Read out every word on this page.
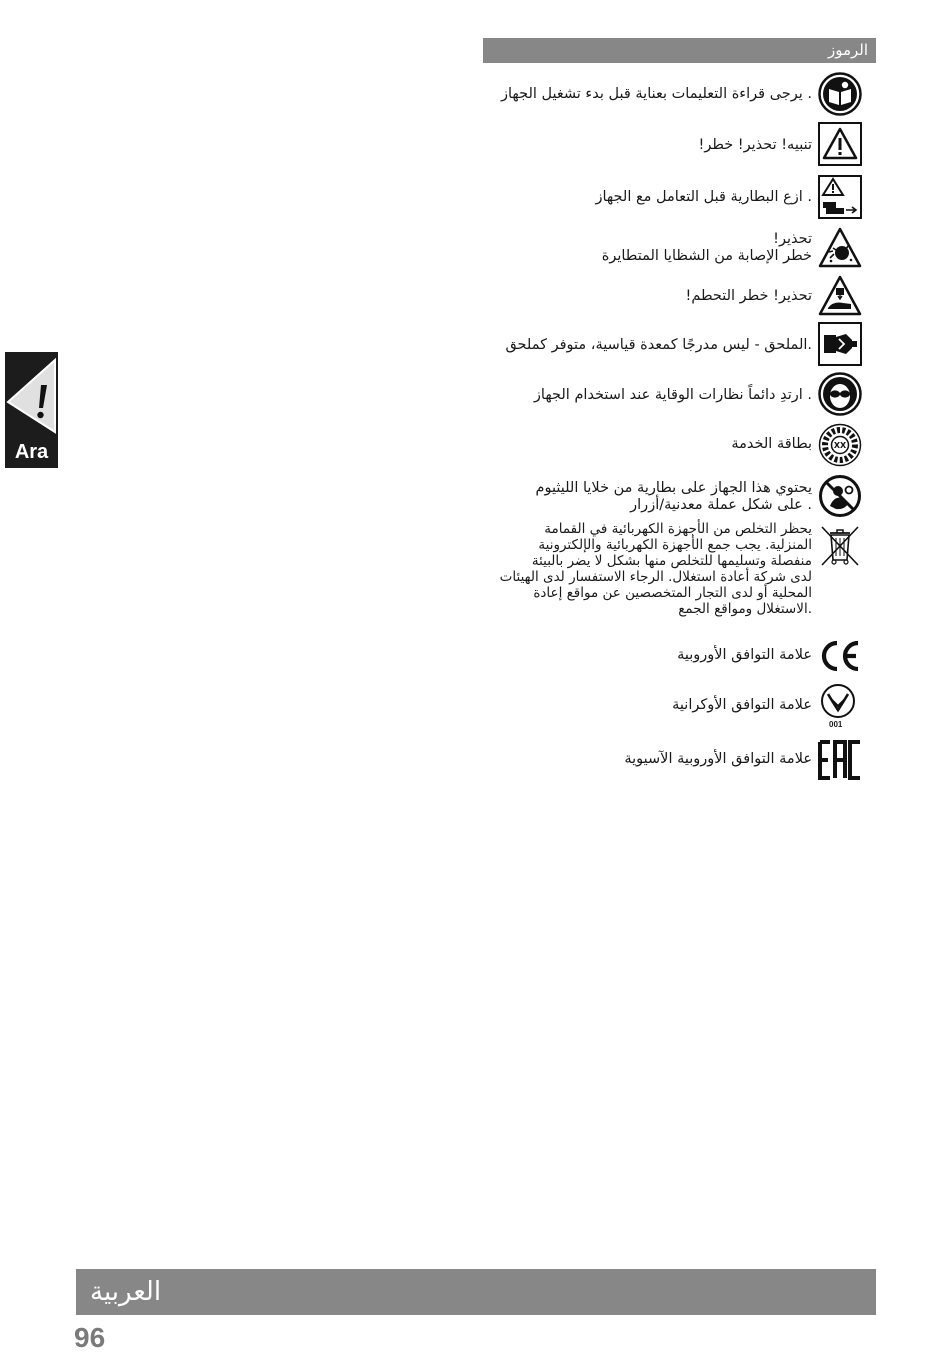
الرموز
. يرجى قراءة التعليمات بعناية قبل بدء تشغيل الجهاز
تنبيه! تحذير! خطر!
. ازع البطارية قبل التعامل مع الجهاز
تحذير!
خطر الإصابة من الشظايا المتطايرة
تحذير! خطر التحطم!
.الملحق - ليس مدرجًا كمعدة قياسية، متوفر كملحق
. ارتدِ دائماً نظارات الوقاية عند استخدام الجهاز
XX
بطاقة الخدمة
يحتوي هذا الجهاز على بطارية من خلايا الليثيوم
. على شكل عملة معدنية/أزرار
يحظر التخلص من الأجهزة الكهربائية في القمامة
المنزلية. يجب جمع الأجهزة الكهربائية والإلكترونية
منفصلة وتسليمها للتخلص منها بشكل لا يضر بالبيئة
لدى شركة أعادة استغلال. الرجاء الاستفسار لدى الهيئات
المحلية أو لدى التجار المتخصصين عن مواقع إعادة
.الاستغلال ومواقع الجمع
علامة التوافق الأوروبية
001
علامة التوافق الأوكرانية
علامة التوافق الأوروبية الآسيوية
Ara
العربية
96
